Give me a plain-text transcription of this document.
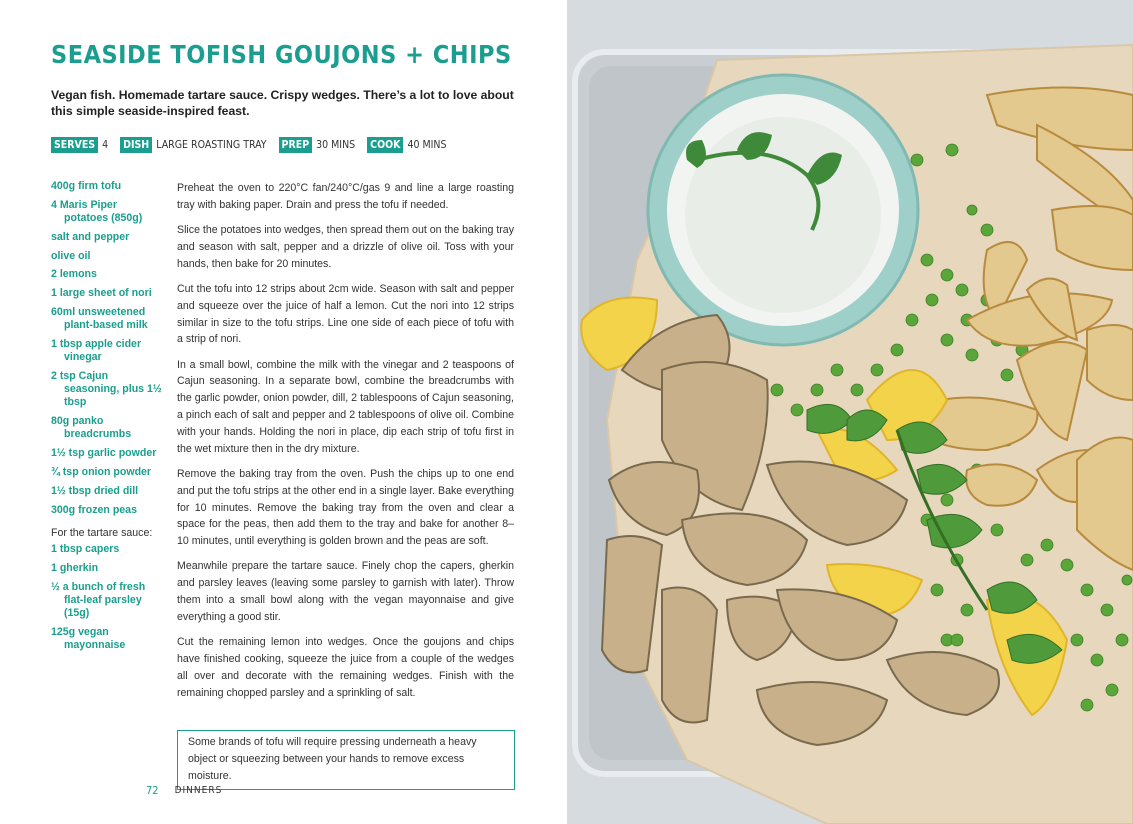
SEASIDE TOFISH GOUJONS + CHIPS

Vegan fish. Homemade tartare sauce. Crispy wedges. There’s a lot to love about this simple seaside-inspired feast.

SERVES 4 DISH LARGE ROASTING TRAY PREP 30 MINS COOK 40 MINS

400g firm tofu

4 Maris Piper potatoes (850g)

salt and pepper

olive oil

2 lemons

1 large sheet of nori

60ml unsweetened plant-based milk

1 tbsp apple cider vinegar

2 tsp Cajun seasoning, plus 1½ tbsp

80g panko breadcrumbs

1½ tsp garlic powder

¾ tsp onion powder

1½ tbsp dried dill

300g frozen peas

For the tartare sauce:

1 tbsp capers

1 gherkin

½ a bunch of fresh flat-leaf parsley (15g)

125g vegan mayonnaise

Preheat the oven to 220°C fan/240°C/gas 9 and line a large roasting tray with baking paper. Drain and press the tofu if needed.

Slice the potatoes into wedges, then spread them out on the baking tray and season with salt, pepper and a drizzle of olive oil. Toss with your hands, then bake for 20 minutes.

Cut the tofu into 12 strips about 2cm wide. Season with salt and pepper and squeeze over the juice of half a lemon. Cut the nori into 12 strips similar in size to the tofu strips. Line one side of each piece of tofu with a strip of nori.

In a small bowl, combine the milk with the vinegar and 2 teaspoons of Cajun seasoning. In a separate bowl, combine the breadcrumbs with the garlic powder, onion powder, dill, 2 tablespoons of Cajun seasoning, a pinch each of salt and pepper and 2 tablespoons of olive oil. Combine with your hands. Holding the nori in place, dip each strip of tofu first in the wet mixture then in the dry mixture.

Remove the baking tray from the oven. Push the chips up to one end and put the tofu strips at the other end in a single layer. Bake everything for 10 minutes. Remove the baking tray from the oven and clear a space for the peas, then add them to the tray and bake for another 8–10 minutes, until everything is golden brown and the peas are soft.

Meanwhile prepare the tartare sauce. Finely chop the capers, gherkin and parsley leaves (leaving some parsley to garnish with later). Throw them into a small bowl along with the vegan mayonnaise and give everything a good stir.

Cut the remaining lemon into wedges. Once the goujons and chips have finished cooking, squeeze the juice from a couple of the wedges all over and decorate with the remaining wedges. Finish with the remaining chopped parsley and a sprinkling of salt.

Some brands of tofu will require pressing underneath a heavy object or squeezing between your hands to remove excess moisture.
72 DINNERS
